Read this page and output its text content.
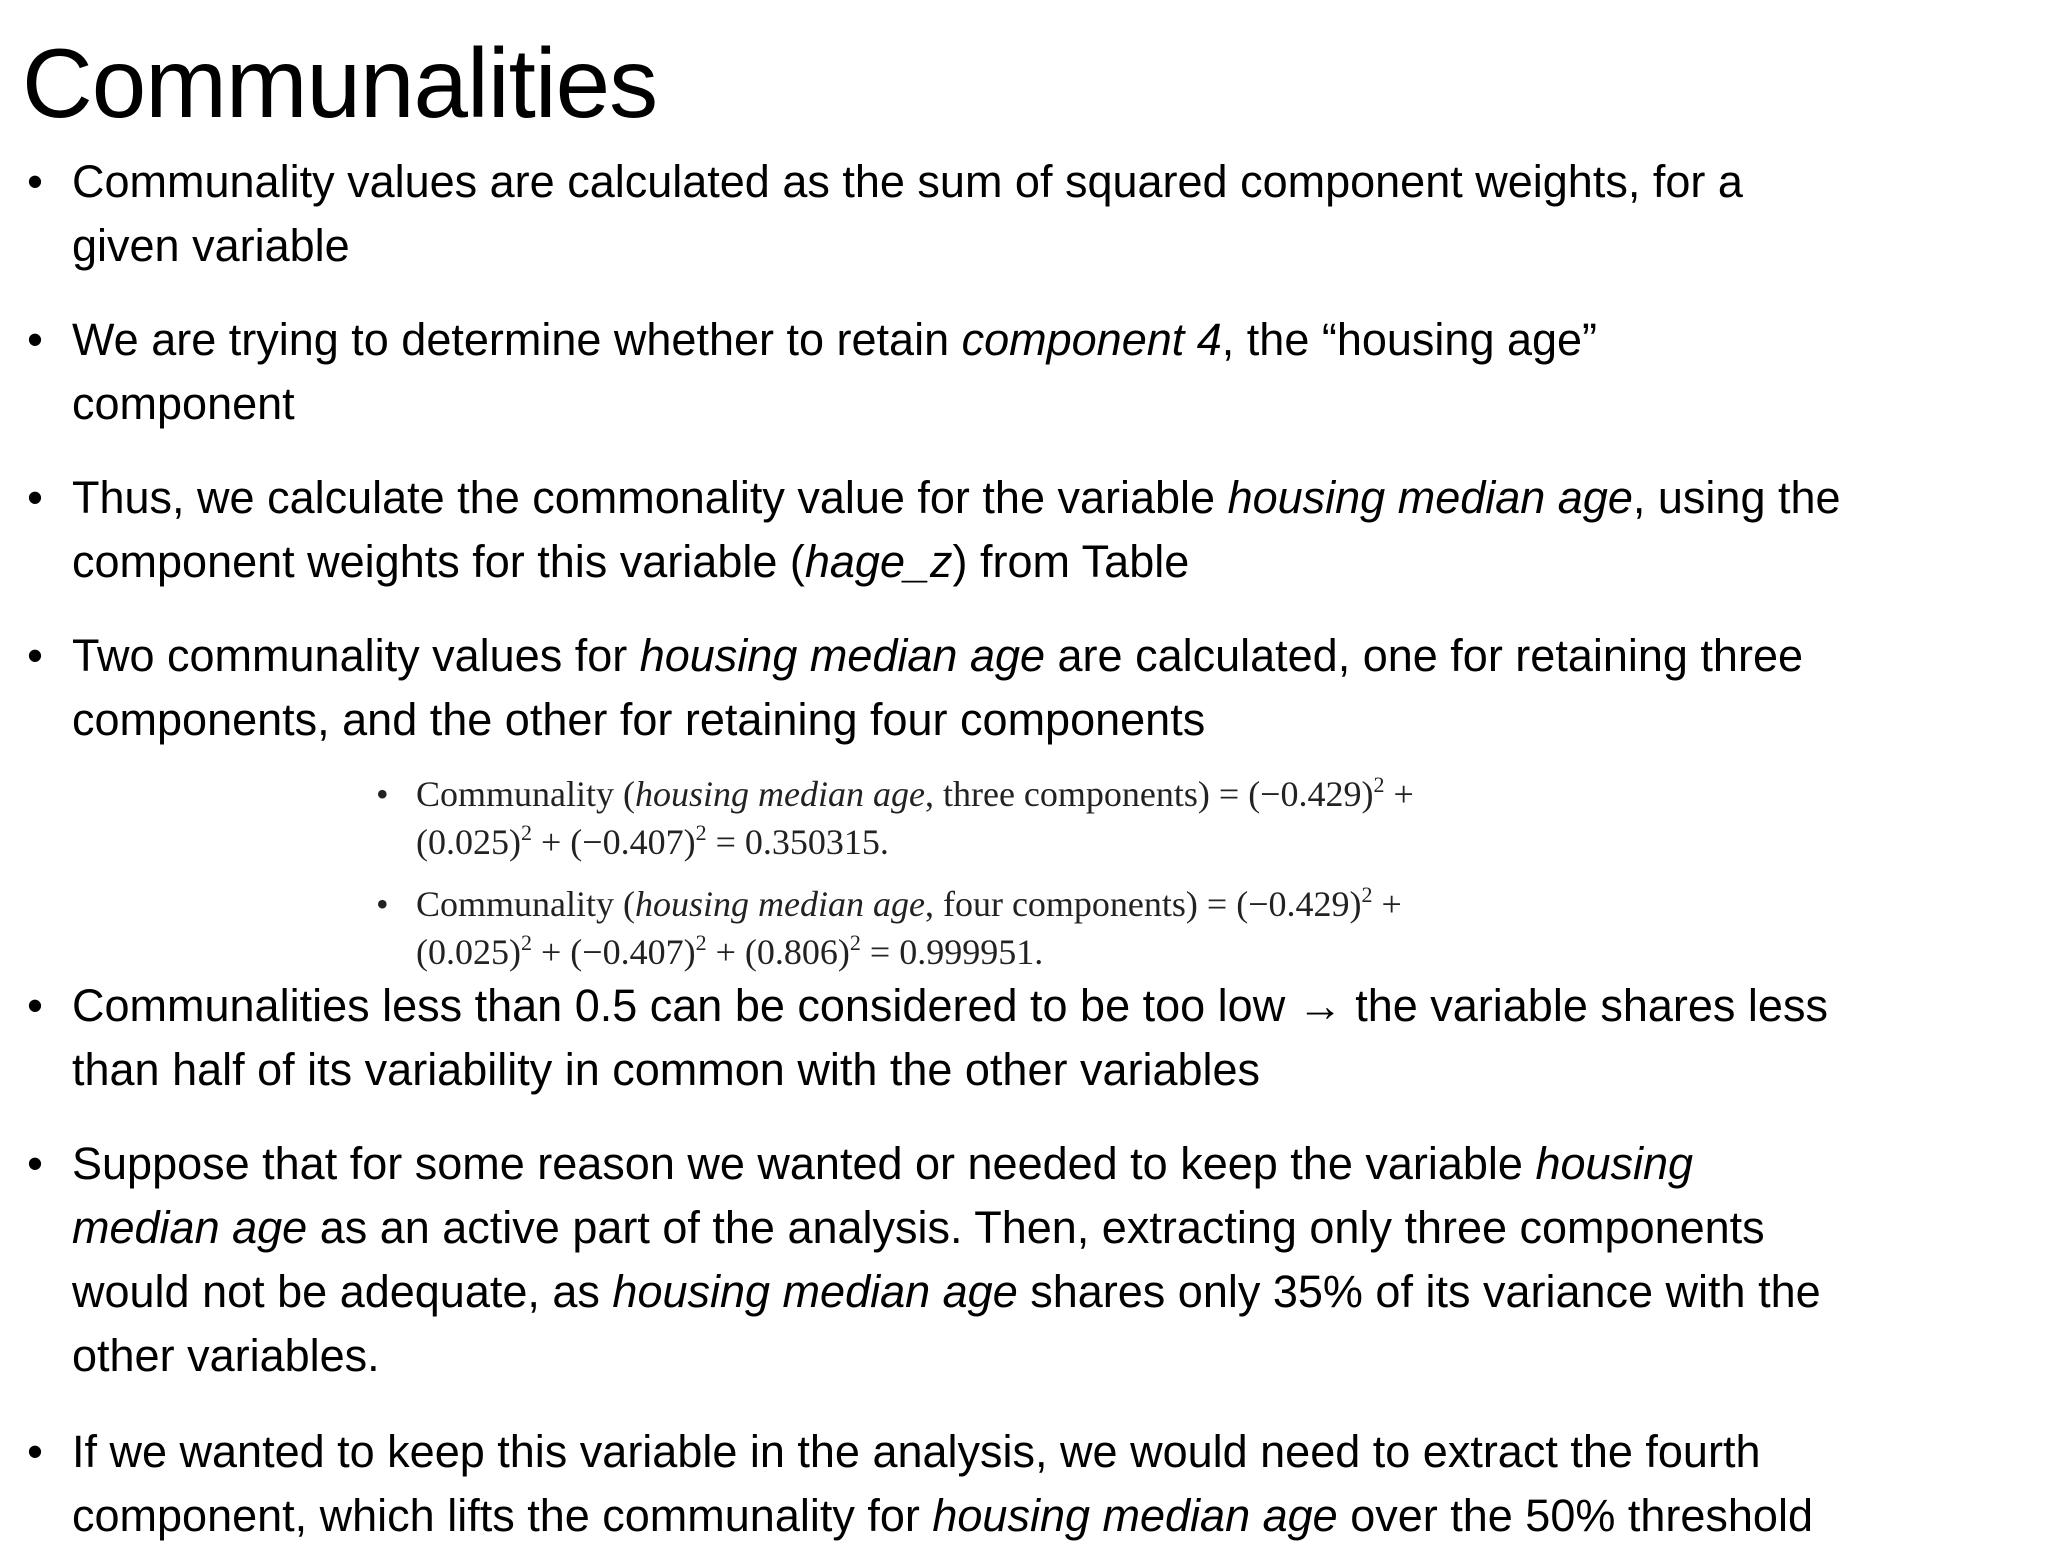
Communalities
• Communality values are calculated as the sum of squared component weights, for a
given variable
• We are trying to determine whether to retain component 4, the “housing age”
component
• Thus, we calculate the commonality value for the variable housing median age, using the
component weights for this variable (hage_z) from Table
• Two communality values for housing median age are calculated, one for retaining three
components, and the other for retaining four components
• Communalities less than 0.5 can be considered to be too low → the variable shares less
than half of its variability in common with the other variables
• Suppose that for some reason we wanted or needed to keep the variable housing
median age as an active part of the analysis. Then, extracting only three components
would not be adequate, as housing median age shares only 35% of its variance with the
other variables.
• If we wanted to keep this variable in the analysis, we would need to extract the fourth
component, which lifts the communality for housing median age over the 50% threshold
• Communality (housing median age, three components) = $(-0.429)^2$ +
$(0.025)^2 + (-0.407)^2 = 0.350315$.
• Communality (housing median age, four components) = $(-0.429)^2$ +
$(0.025)^2 + (-0.407)^2 + (0.806)^2 = 0.999951$.
